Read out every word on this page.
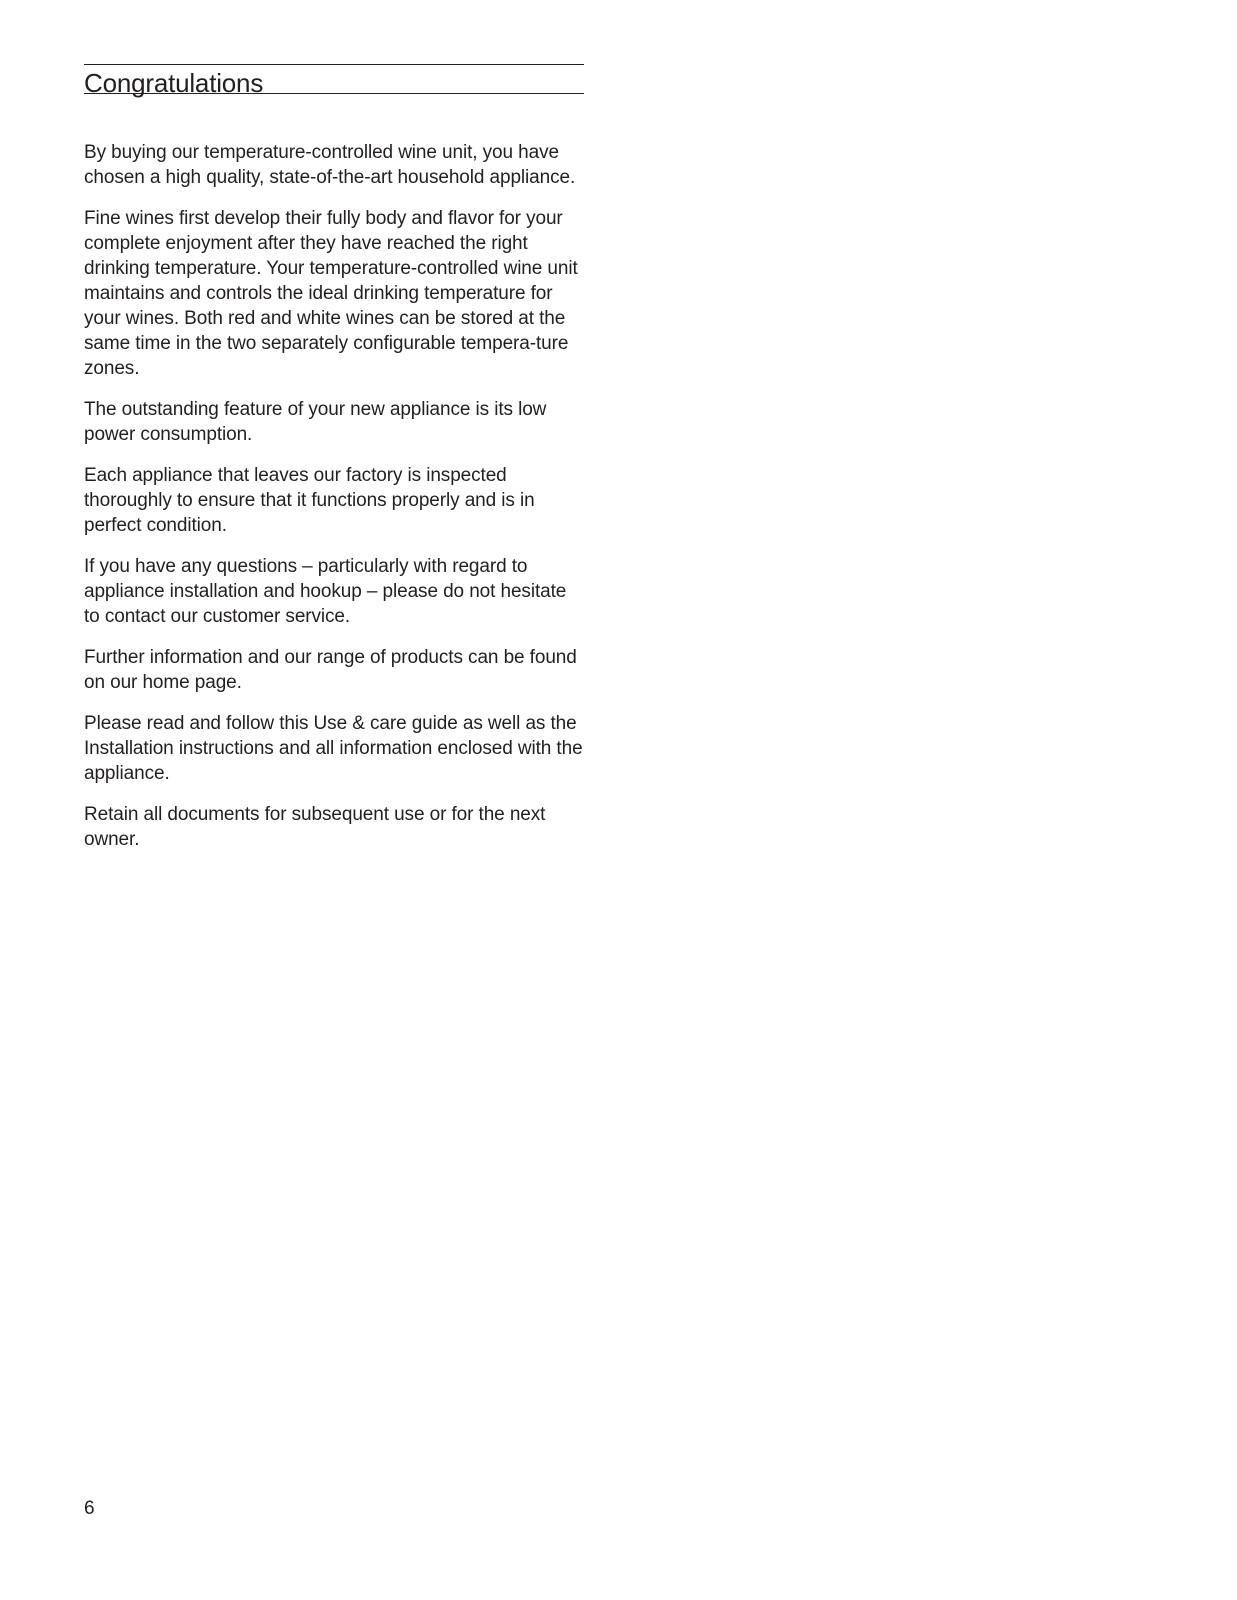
Congratulations

By buying our temperature-controlled wine unit, you have chosen a high quality, state-of-the-art household appliance.

Fine wines first develop their fully body and flavor for your complete enjoyment after they have reached the right drinking temperature. Your temperature-controlled wine unit maintains and controls the ideal drinking temperature for your wines. Both red and white wines can be stored at the same time in the two separately configurable tempera-ture zones.

The outstanding feature of your new appliance is its low power consumption.

Each appliance that leaves our factory is inspected thoroughly to ensure that it functions properly and is in perfect condition.

If you have any questions – particularly with regard to appliance installation and hookup – please do not hesitate to contact our customer service.

Further information and our range of products can be found on our home page.

Please read and follow this Use & care guide as well as the Installation instructions and all information enclosed with the appliance.

Retain all documents for subsequent use or for the next owner.

6
